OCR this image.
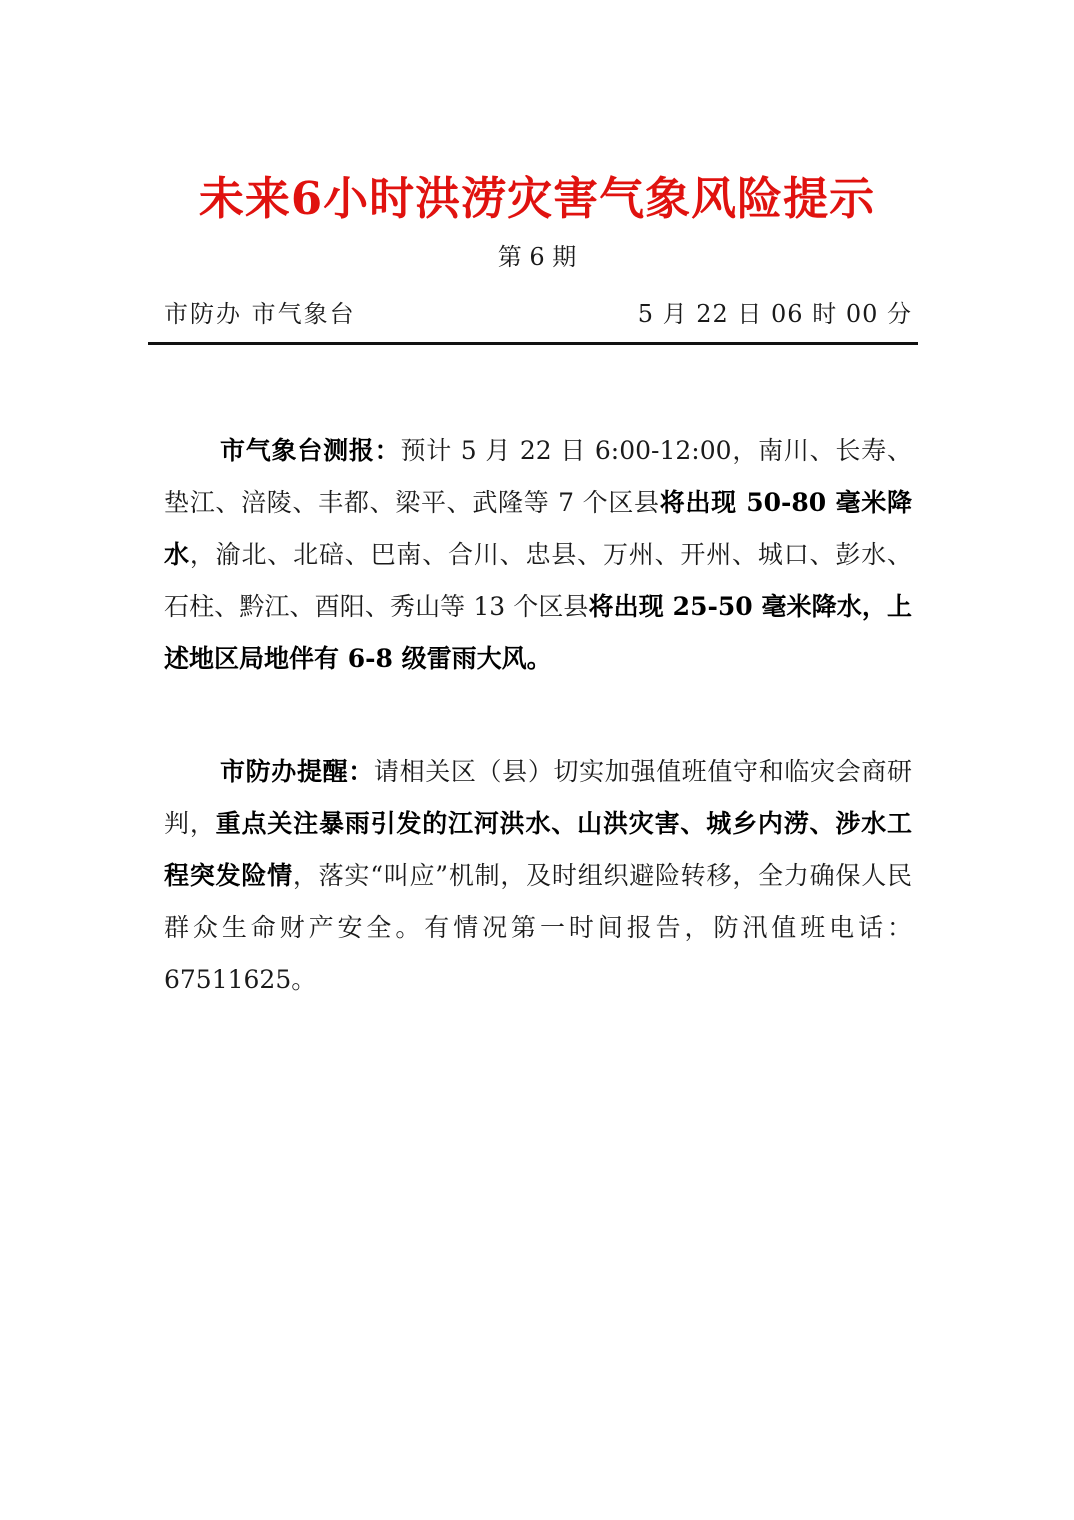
未来6小时洪涝灾害气象风险提示
第 6 期
市防办 市气象台	5 月 22 日 06 时 00 分
市气象台测报：预计 5 月 22 日 6:00-12:00，南川、长寿、垫江、涪陵、丰都、梁平、武隆等 7 个区县将出现 50-80 毫米降水，渝北、北碚、巴南、合川、忠县、万州、开州、城口、彭水、石柱、黔江、酉阳、秀山等 13 个区县将出现 25-50 毫米降水，上述地区局地伴有 6-8 级雷雨大风。
市防办提醒：请相关区（县）切实加强值班值守和临灾会商研判，重点关注暴雨引发的江河洪水、山洪灾害、城乡内涝、涉水工程突发险情，落实“叫应”机制，及时组织避险转移，全力确保人民群众生命财产安全。有情况第一时间报告，防汛值班电话：67511625。
